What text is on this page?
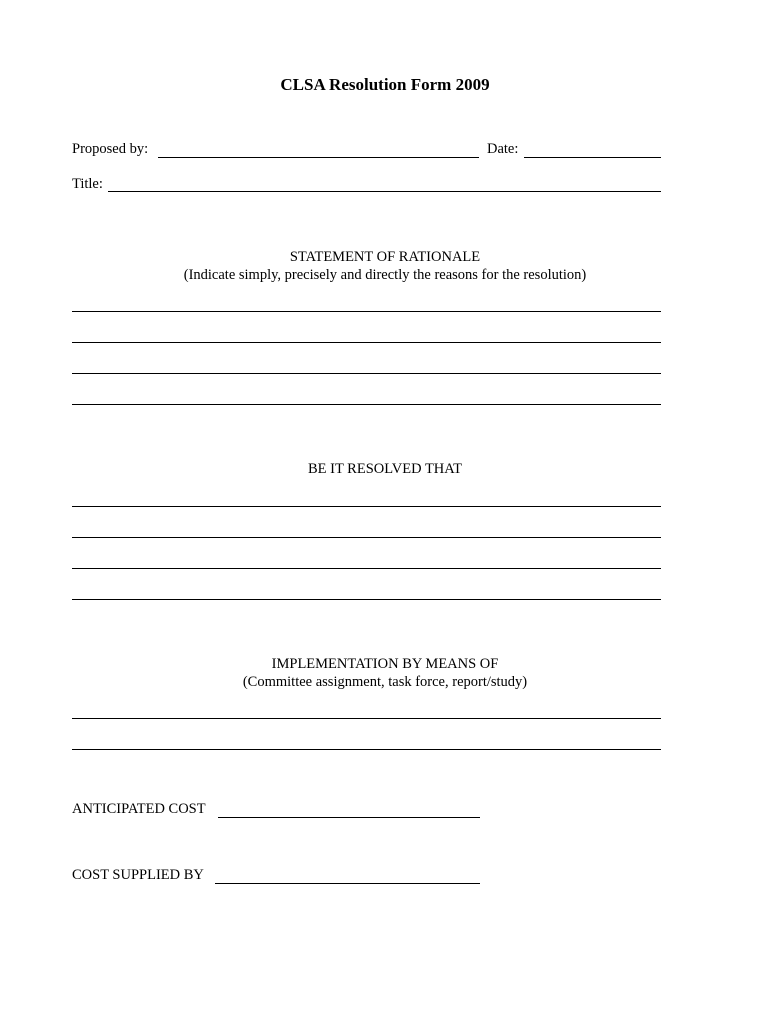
CLSA Resolution Form 2009
Proposed by:	Date:
Title:
STATEMENT OF RATIONALE
(Indicate simply, precisely and directly the reasons for the resolution)
BE IT RESOLVED THAT
IMPLEMENTATION BY MEANS OF
(Committee assignment, task force, report/study)
ANTICIPATED COST
COST SUPPLIED BY
